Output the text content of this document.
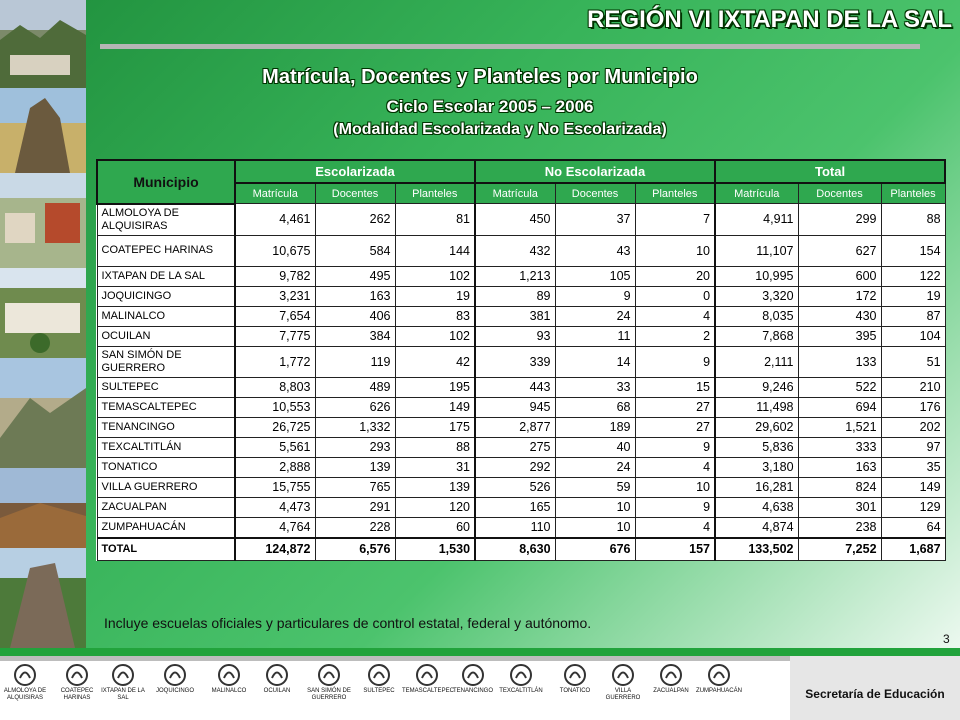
REGIÓN VI IXTAPAN DE LA SAL
Matrícula, Docentes y Planteles por Municipio
Ciclo Escolar 2005 – 2006
(Modalidad Escolarizada y No Escolarizada)
Municipio	Escolarizada			No Escolarizada			Total		
	Matrícula	Docentes	Planteles	Matrícula	Docentes	Planteles	Matrícula	Docentes	Planteles
ALMOLOYA DE ALQUISIRAS	4,461	262	81	450	37	7	4,911	299	88
COATEPEC HARINAS	10,675	584	144	432	43	10	11,107	627	154
IXTAPAN DE LA SAL	9,782	495	102	1,213	105	20	10,995	600	122
JOQUICINGO	3,231	163	19	89	9	0	3,320	172	19
MALINALCO	7,654	406	83	381	24	4	8,035	430	87
OCUILAN	7,775	384	102	93	11	2	7,868	395	104
SAN SIMÓN DE GUERRERO	1,772	119	42	339	14	9	2,111	133	51
SULTEPEC	8,803	489	195	443	33	15	9,246	522	210
TEMASCALTEPEC	10,553	626	149	945	68	27	11,498	694	176
TENANCINGO	26,725	1,332	175	2,877	189	27	29,602	1,521	202
TEXCALTITLÁN	5,561	293	88	275	40	9	5,836	333	97
TONATICO	2,888	139	31	292	24	4	3,180	163	35
VILLA GUERRERO	15,755	765	139	526	59	10	16,281	824	149
ZACUALPAN	4,473	291	120	165	10	9	4,638	301	129
ZUMPAHUACÁN	4,764	228	60	110	10	4	4,874	238	64
TOTAL	124,872	6,576	1,530	8,630	676	157	133,502	7,252	1,687
Incluye escuelas oficiales y particulares de control estatal, federal y autónomo.
3
Secretaría de Educación
ALMOLOYA DE ALQUISIRAS
COATEPEC HARINAS
IXTAPAN DE LA SAL
JOQUICINGO	MALINALCO	OCUILAN	SAN SIMÓN DE GUERRERO
SULTEPEC	TEMASCALTEPEC TENANCINGO	TEXCALTITLÁN	TONATICO	VILLA GUERRERO
ZACUALPAN	ZUMPAHUACÁN
